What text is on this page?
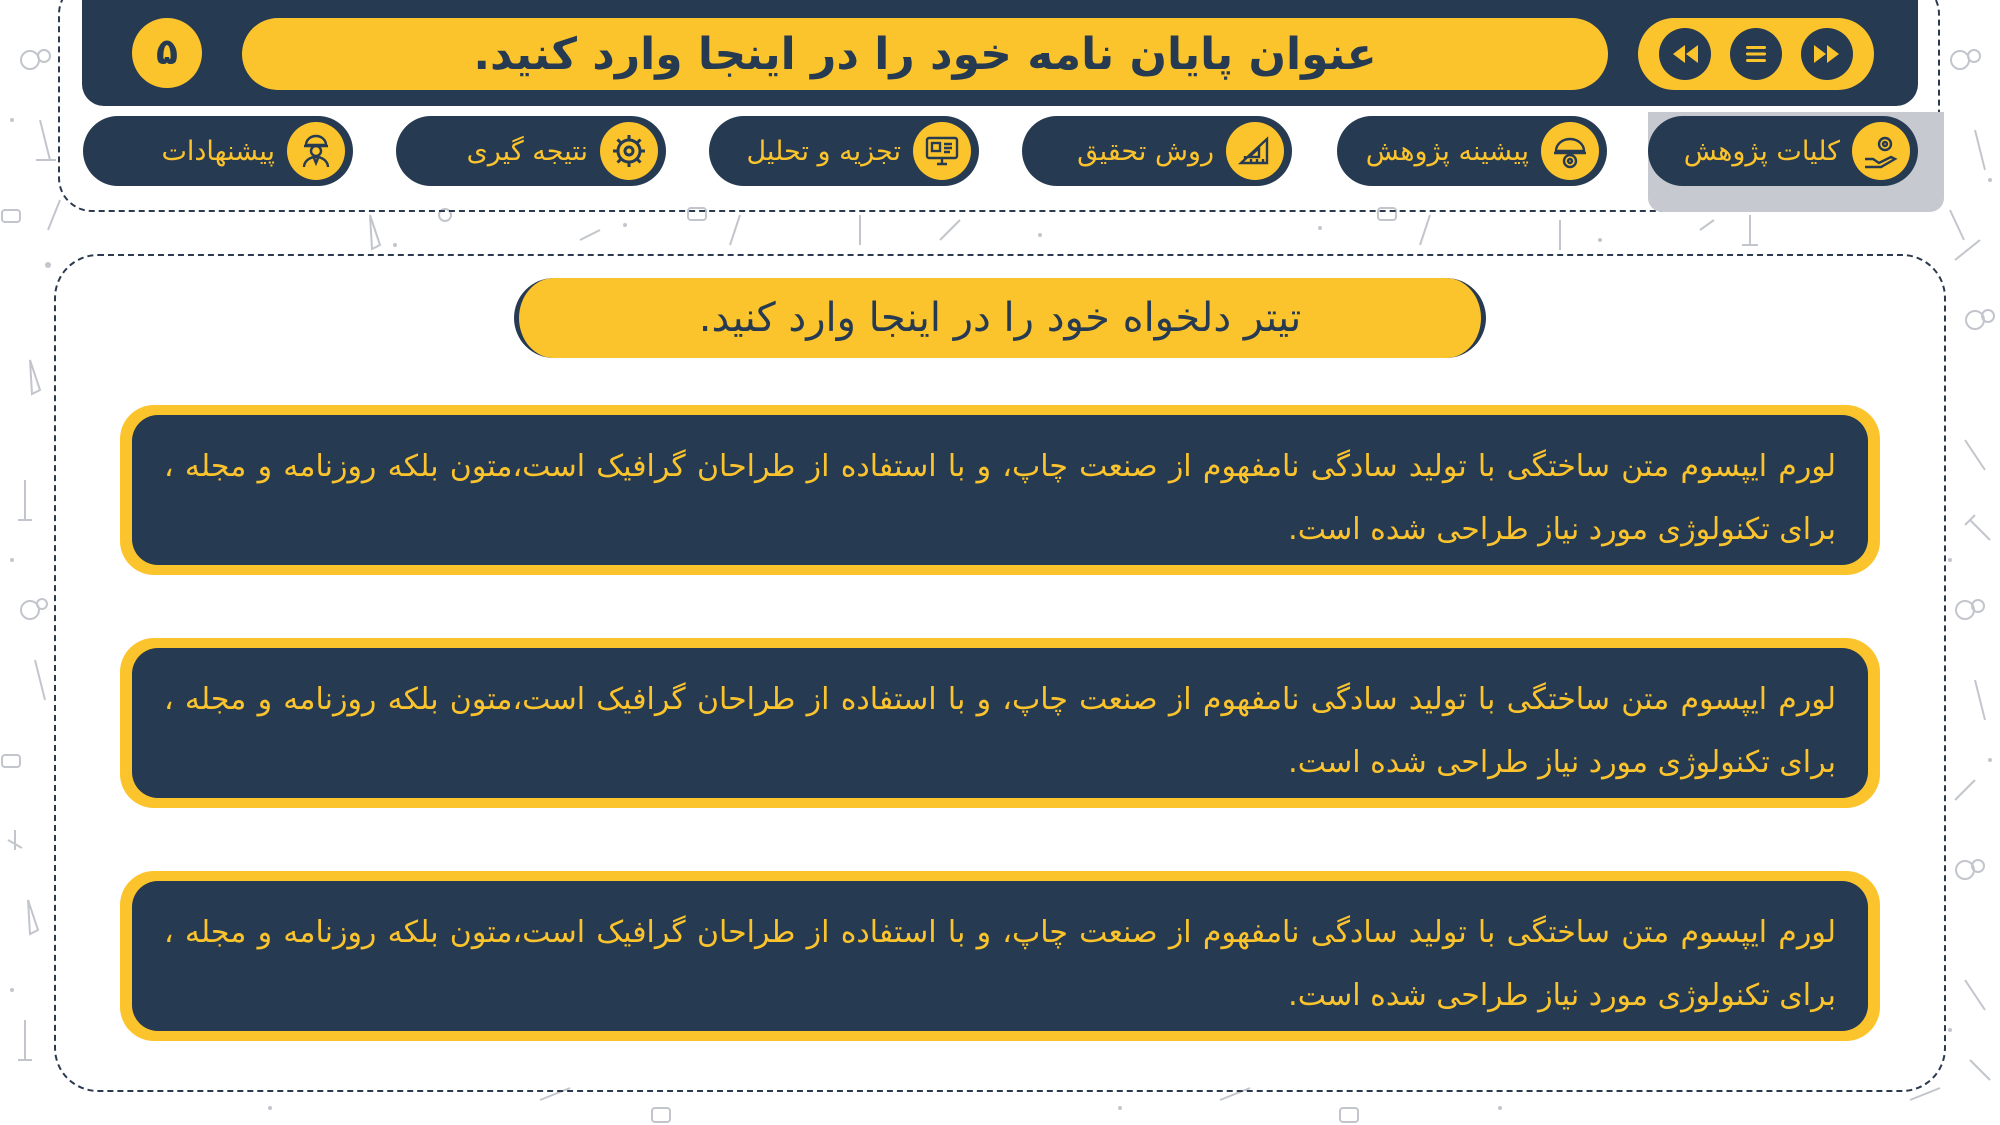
۵	عنوان پایان نامه خود را در اینجا وارد کنید.
کلیات پژوهش
پیشینه پژوهش
روش تحقیق
تجزیه و تحلیل
نتیجه گیری
پیشنهادات
تیتر دلخواه خود را در اینجا وارد کنید.
لورم ایپسوم متن ساختگی با تولید سادگی نامفهوم از صنعت چاپ، و با استفاده از طراحان گرافیک است،متون بلکه روزنامه و مجله ، برای تکنولوژی مورد نیاز طراحی شده است.
لورم ایپسوم متن ساختگی با تولید سادگی نامفهوم از صنعت چاپ، و با استفاده از طراحان گرافیک است،متون بلکه روزنامه و مجله ، برای تکنولوژی مورد نیاز طراحی شده است.
لورم ایپسوم متن ساختگی با تولید سادگی نامفهوم از صنعت چاپ، و با استفاده از طراحان گرافیک است،متون بلکه روزنامه و مجله ، برای تکنولوژی مورد نیاز طراحی شده است.
